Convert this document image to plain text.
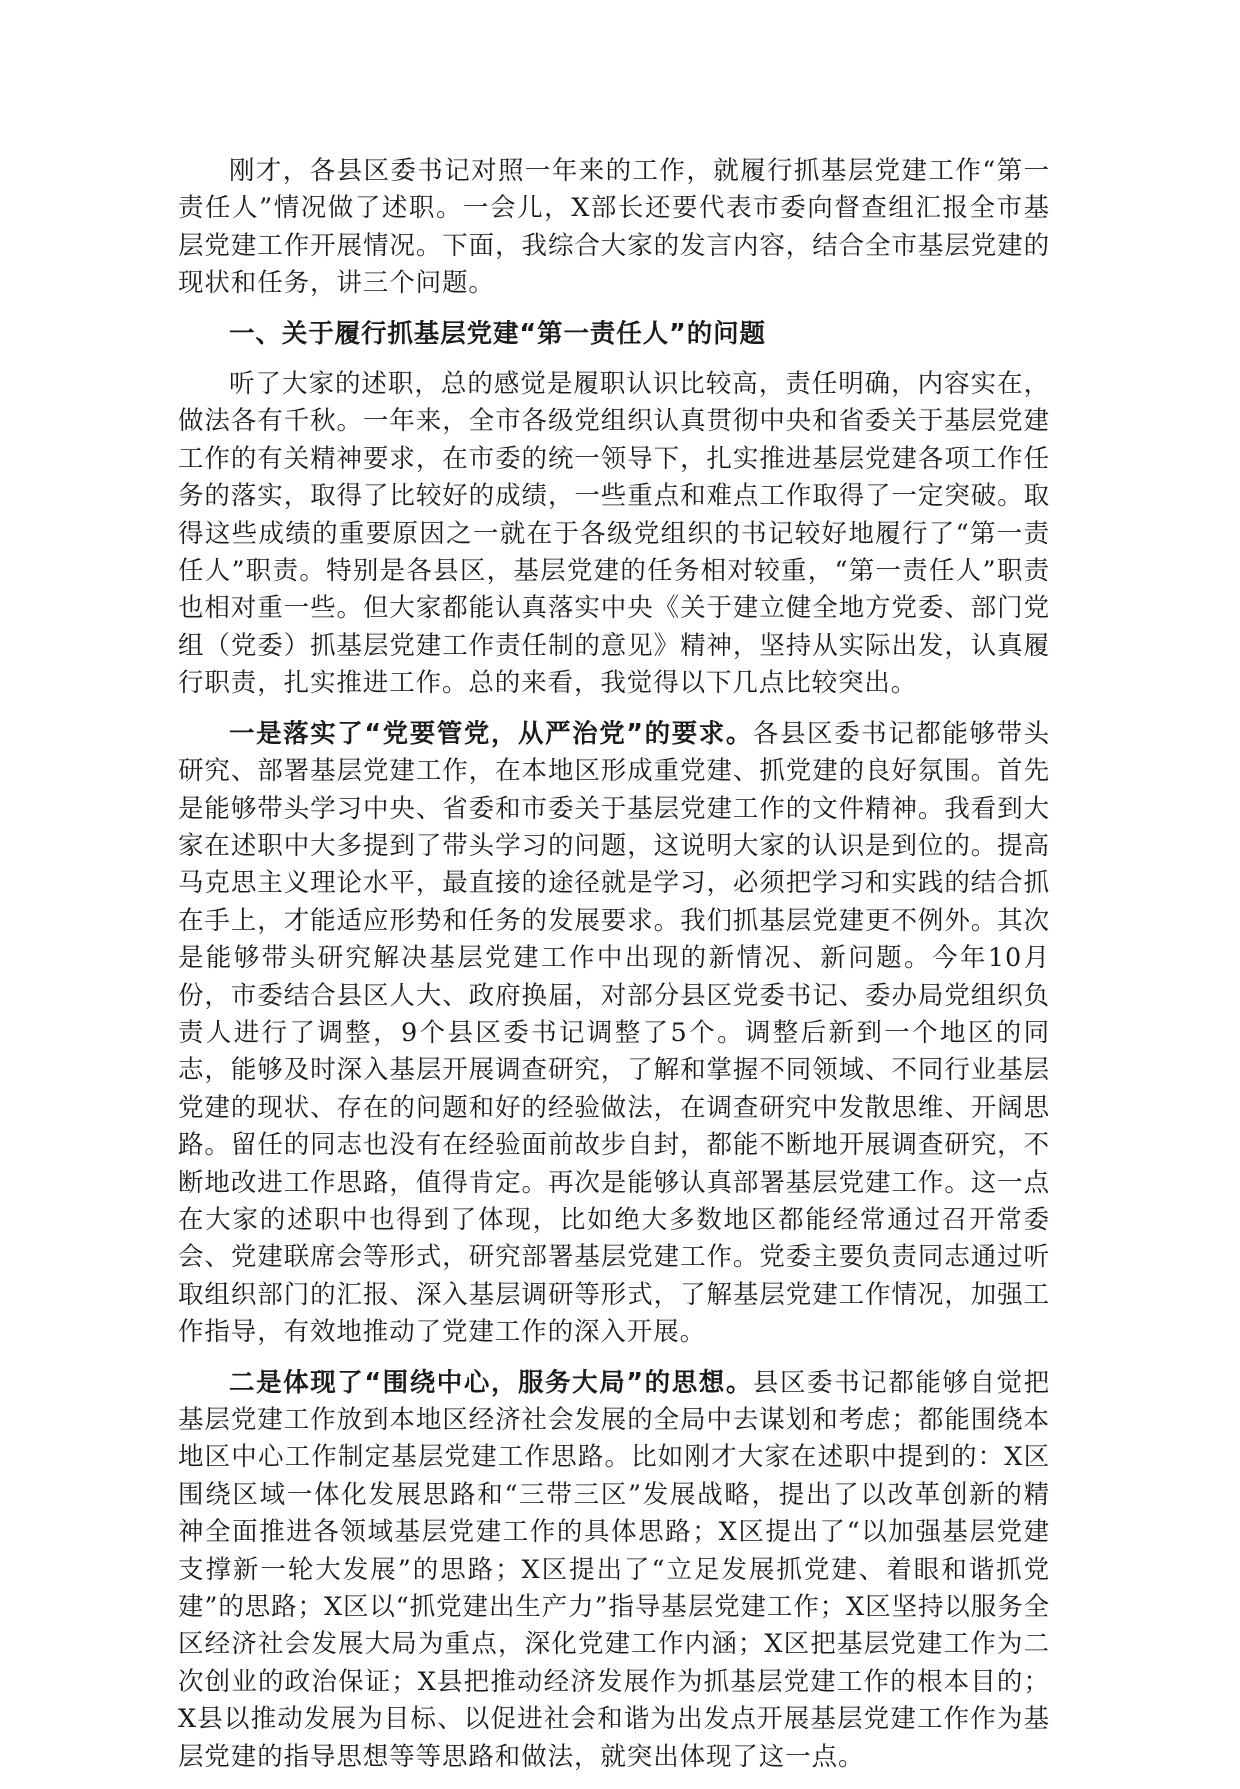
刚才，各县区委书记对照一年来的工作，就履行抓基层党建工作“第一责任人”情况做了述职。一会儿，X部长还要代表市委向督查组汇报全市基层党建工作开展情况。下面，我综合大家的发言内容，结合全市基层党建的现状和任务，讲三个问题。

一、关于履行抓基层党建“第一责任人”的问题

听了大家的述职，总的感觉是履职认识比较高，责任明确，内容实在，做法各有千秋。一年来，全市各级党组织认真贯彻中央和省委关于基层党建工作的有关精神要求，在市委的统一领导下，扎实推进基层党建各项工作任务的落实，取得了比较好的成绩，一些重点和难点工作取得了一定突破。取得这些成绩的重要原因之一就在于各级党组织的书记较好地履行了“第一责任人”职责。特别是各县区，基层党建的任务相对较重，“第一责任人”职责也相对重一些。但大家都能认真落实中央《关于建立健全地方党委、部门党组（党委）抓基层党建工作责任制的意见》精神，坚持从实际出发，认真履行职责，扎实推进工作。总的来看，我觉得以下几点比较突出。

一是落实了“党要管党，从严治党”的要求。各县区委书记都能够带头研究、部署基层党建工作，在本地区形成重党建、抓党建的良好氛围。首先是能够带头学习中央、省委和市委关于基层党建工作的文件精神。我看到大家在述职中大多提到了带头学习的问题，这说明大家的认识是到位的。提高马克思主义理论水平，最直接的途径就是学习，必须把学习和实践的结合抓在手上，才能适应形势和任务的发展要求。我们抓基层党建更不例外。其次是能够带头研究解决基层党建工作中出现的新情况、新问题。今年10月份，市委结合县区人大、政府换届，对部分县区党委书记、委办局党组织负责人进行了调整，9个县区委书记调整了5个。调整后新到一个地区的同志，能够及时深入基层开展调查研究，了解和掌握不同领域、不同行业基层党建的现状、存在的问题和好的经验做法，在调查研究中发散思维、开阔思路。留任的同志也没有在经验面前故步自封，都能不断地开展调查研究，不断地改进工作思路，值得肯定。再次是能够认真部署基层党建工作。这一点在大家的述职中也得到了体现，比如绝大多数地区都能经常通过召开常委会、党建联席会等形式，研究部署基层党建工作。党委主要负责同志通过听取组织部门的汇报、深入基层调研等形式，了解基层党建工作情况，加强工作指导，有效地推动了党建工作的深入开展。

二是体现了“围绕中心，服务大局”的思想。县区委书记都能够自觉把基层党建工作放到本地区经济社会发展的全局中去谋划和考虑；都能围绕本地区中心工作制定基层党建工作思路。比如刚才大家在述职中提到的：X区围绕区域一体化发展思路和“三带三区”发展战略，提出了以改革创新的精神全面推进各领域基层党建工作的具体思路；X区提出了“以加强基层党建支撑新一轮大发展”的思路；X区提出了“立足发展抓党建、着眼和谐抓党建”的思路；X区以“抓党建出生产力”指导基层党建工作；X区坚持以服务全区经济社会发展大局为重点，深化党建工作内涵；X区把基层党建工作为二次创业的政治保证；X县把推动经济发展作为抓基层党建工作的根本目的；X县以推动发展为目标、以促进社会和谐为出发点开展基层党建工作作为基层党建的指导思想等等思路和做法，就突出体现了这一点。
